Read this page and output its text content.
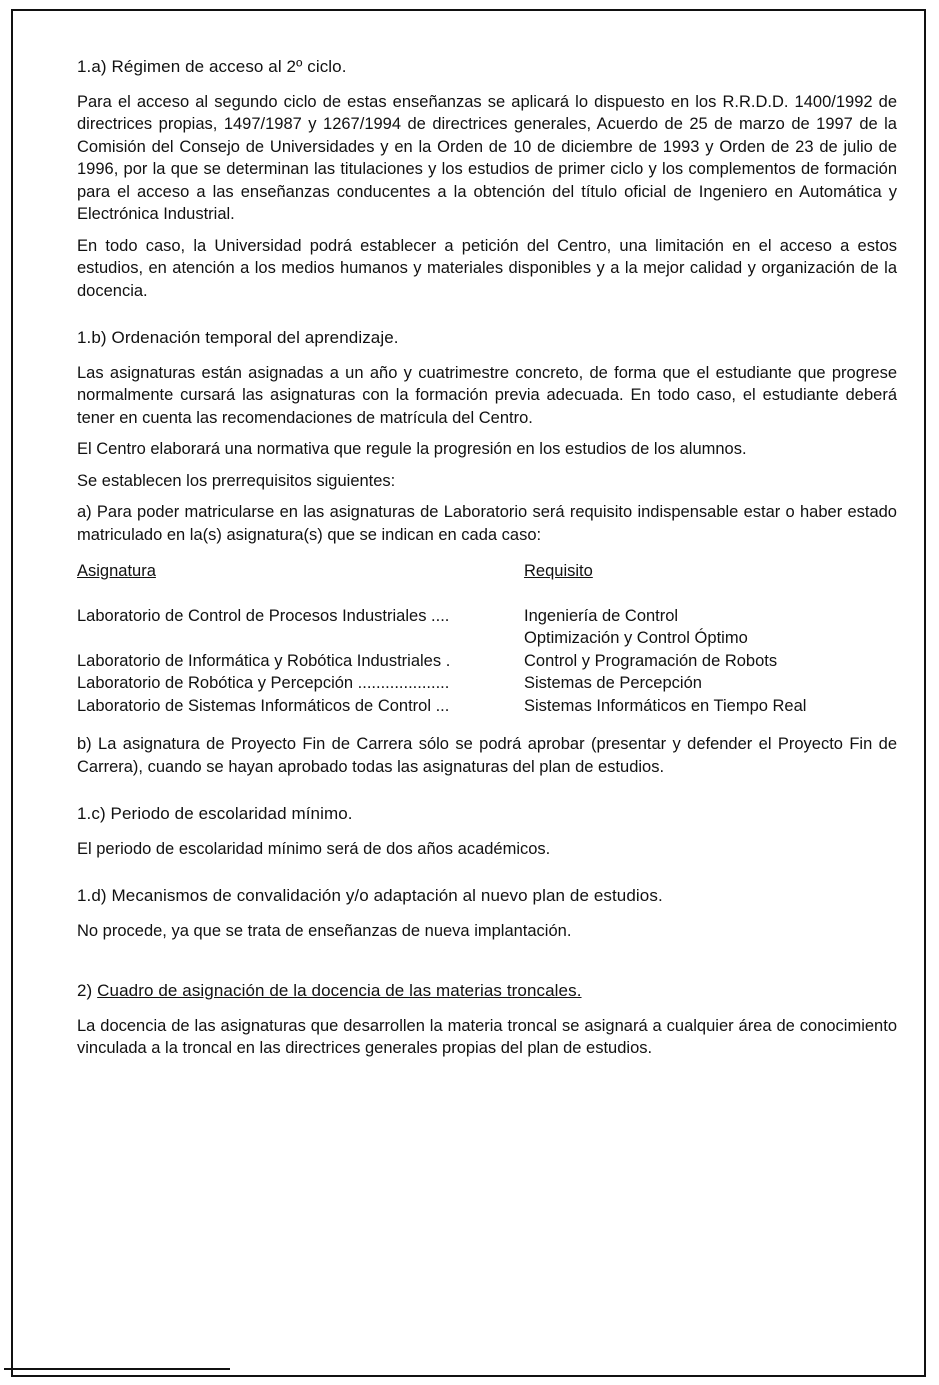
1.a) Régimen de acceso al 2º ciclo.

Para el acceso al segundo ciclo de estas enseñanzas se aplicará lo dispuesto en los R.R.D.D. 1400/1992 de directrices propias, 1497/1987 y 1267/1994 de directrices generales, Acuerdo de 25 de marzo de 1997 de la Comisión del Consejo de Universidades y en la Orden de 10 de diciembre de 1993 y Orden de 23 de julio de 1996, por la que se determinan las titulaciones y los estudios de primer ciclo y los complementos de formación para el acceso a las enseñanzas conducentes a la obtención del título oficial de Ingeniero en Automática y Electrónica Industrial.

En todo caso, la Universidad podrá establecer a petición del Centro, una limitación en el acceso a estos estudios, en atención a los medios humanos y materiales disponibles y a la mejor calidad y organización de la docencia.

1.b) Ordenación temporal del aprendizaje.

Las asignaturas están asignadas a un año y cuatrimestre concreto, de forma que el estudiante que progrese normalmente cursará las asignaturas con la formación previa adecuada. En todo caso, el estudiante deberá tener en cuenta las recomendaciones de matrícula del Centro.

El Centro elaborará una normativa que regule la progresión en los estudios de los alumnos.

Se establecen los prerrequisitos siguientes:

a) Para poder matricularse en las asignaturas de Laboratorio será requisito indispensable estar o haber estado matriculado en la(s) asignatura(s) que se indican en cada caso:

Asignatura	Requisito
Laboratorio de Control de Procesos Industriales ....	Ingeniería de Control
Optimización y Control Óptimo
Laboratorio de Informática y Robótica Industriales .	Control y Programación de Robots
Laboratorio de Robótica y Percepción ....................	Sistemas de Percepción
Laboratorio de Sistemas Informáticos de Control ...	Sistemas Informáticos en Tiempo Real

b) La asignatura de Proyecto Fin de Carrera sólo se podrá aprobar (presentar y defender el Proyecto Fin de Carrera), cuando se hayan aprobado todas las asignaturas del plan de estudios.

1.c) Periodo de escolaridad mínimo.

El periodo de escolaridad mínimo será de dos años académicos.

1.d) Mecanismos de convalidación y/o adaptación al nuevo plan de estudios.

No procede, ya que se trata de enseñanzas de nueva implantación.

2) Cuadro de asignación de la docencia de las materias troncales.

La docencia de las asignaturas que desarrollen la materia troncal se asignará a cualquier área de conocimiento vinculada a la troncal en las directrices generales propias del plan de estudios.
